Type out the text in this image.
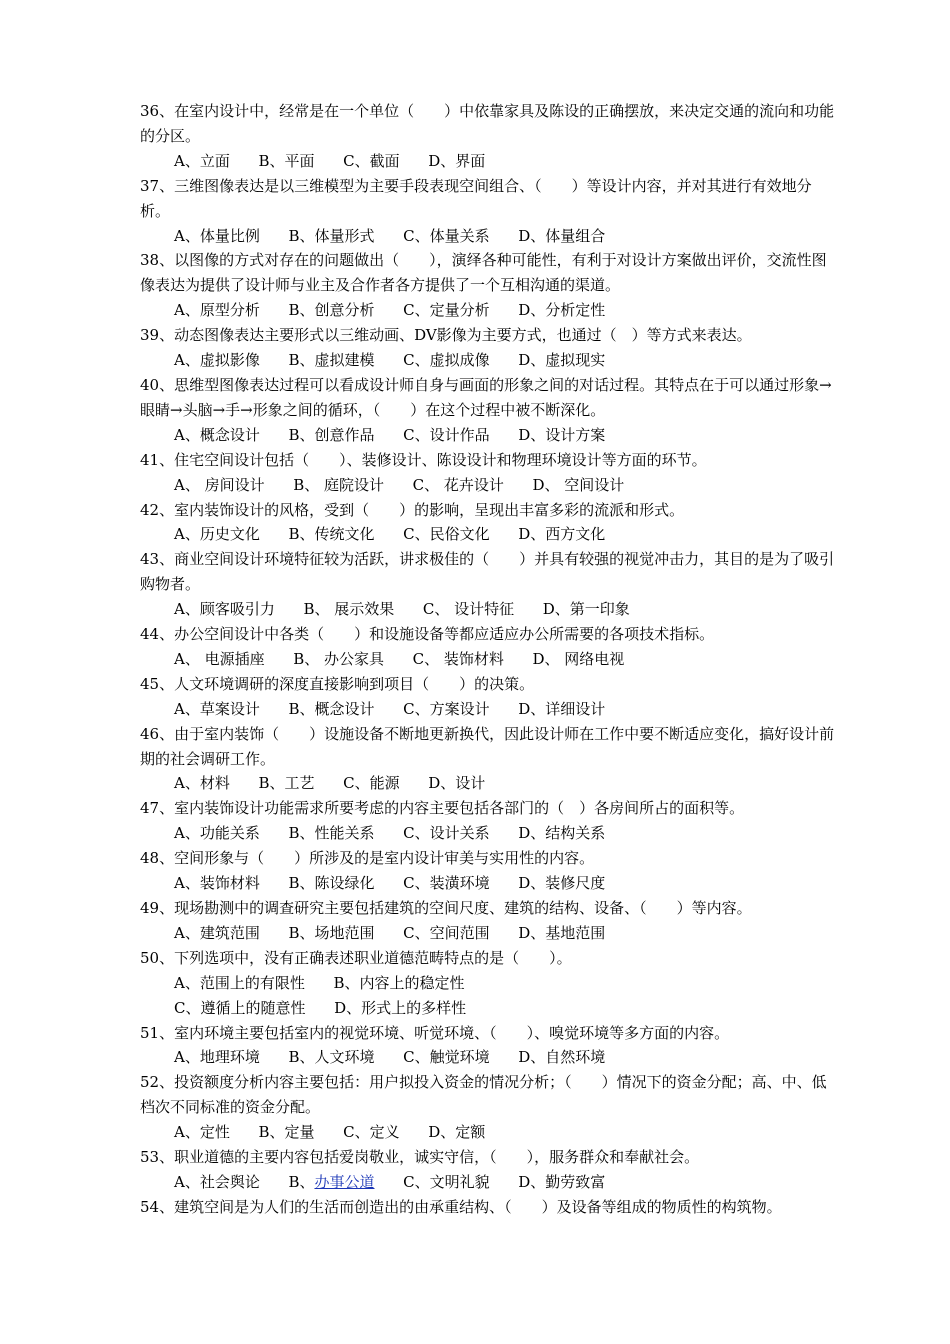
36、在室内设计中，经常是在一个单位（　　）中依靠家具及陈设的正确摆放，来决定交通的流向和功能的分区。

A、立面 B、平面 C、截面 D、界面

37、三维图像表达是以三维模型为主要手段表现空间组合、（　　）等设计内容，并对其进行有效地分析。

A、体量比例 B、体量形式 C、体量关系 D、体量组合

38、以图像的方式对存在的问题做出（　　），演绎各种可能性，有利于对设计方案做出评价，交流性图像表达为提供了设计师与业主及合作者各方提供了一个互相沟通的渠道。

A、原型分析 B、创意分析 C、定量分析 D、分析定性

39、动态图像表达主要形式以三维动画、DV影像为主要方式，也通过（　）等方式来表达。

A、虚拟影像 B、虚拟建模 C、虚拟成像 D、虚拟现实

40、思维型图像表达过程可以看成设计师自身与画面的形象之间的对话过程。其特点在于可以通过形象→眼睛→头脑→手→形象之间的循环，（　　）在这个过程中被不断深化。

A、概念设计 B、创意作品 C、设计作品 D、设计方案

41、住宅空间设计包括（　　）、装修设计、陈设设计和物理环境设计等方面的环节。

A、 房间设计 B、 庭院设计 C、 花卉设计 D、 空间设计

42、室内装饰设计的风格，受到（　　）的影响，呈现出丰富多彩的流派和形式。

A、历史文化 B、传统文化 C、民俗文化 D、西方文化

43、商业空间设计环境特征较为活跃，讲求极佳的（　　）并具有较强的视觉冲击力，其目的是为了吸引购物者。

A、顾客吸引力 B、 展示效果 C、 设计特征 D、第一印象

44、办公空间设计中各类（　　）和设施设备等都应适应办公所需要的各项技术指标。

A、 电源插座 B、 办公家具 C、 装饰材料 D、 网络电视

45、人文环境调研的深度直接影响到项目（　　）的决策。

A、草案设计 B、概念设计 C、方案设计 D、详细设计

46、由于室内装饰（　　）设施设备不断地更新换代，因此设计师在工作中要不断适应变化，搞好设计前期的社会调研工作。

A、材料 B、工艺 C、能源 D、设计

47、室内装饰设计功能需求所要考虑的内容主要包括各部门的（　）各房间所占的面积等。

A、功能关系 B、性能关系 C、设计关系 D、结构关系

48、空间形象与（　　）所涉及的是室内设计审美与实用性的内容。

A、装饰材料 B、陈设绿化 C、装潢环境 D、装修尺度

49、现场勘测中的调查研究主要包括建筑的空间尺度、建筑的结构、设备、（　　）等内容。

A、建筑范围 B、场地范围 C、空间范围 D、基地范围

50、下列选项中，没有正确表述职业道德范畴特点的是（　　）。

A、范围上的有限性 B、内容上的稳定性

C、遵循上的随意性 D、形式上的多样性

51、室内环境主要包括室内的视觉环境、听觉环境、（　　）、嗅觉环境等多方面的内容。

A、地理环境 B、人文环境 C、触觉环境 D、自然环境

52、投资额度分析内容主要包括：用户拟投入资金的情况分析；（　　）情况下的资金分配；高、中、低档次不同标准的资金分配。

A、定性 B、定量 C、定义 D、定额

53、职业道德的主要内容包括爱岗敬业，诚实守信，（　　），服务群众和奉献社会。

A、社会舆论 B、办事公道 C、文明礼貌 D、勤劳致富

54、建筑空间是为人们的生活而创造出的由承重结构、（　　）及设备等组成的物质性的构筑物。
